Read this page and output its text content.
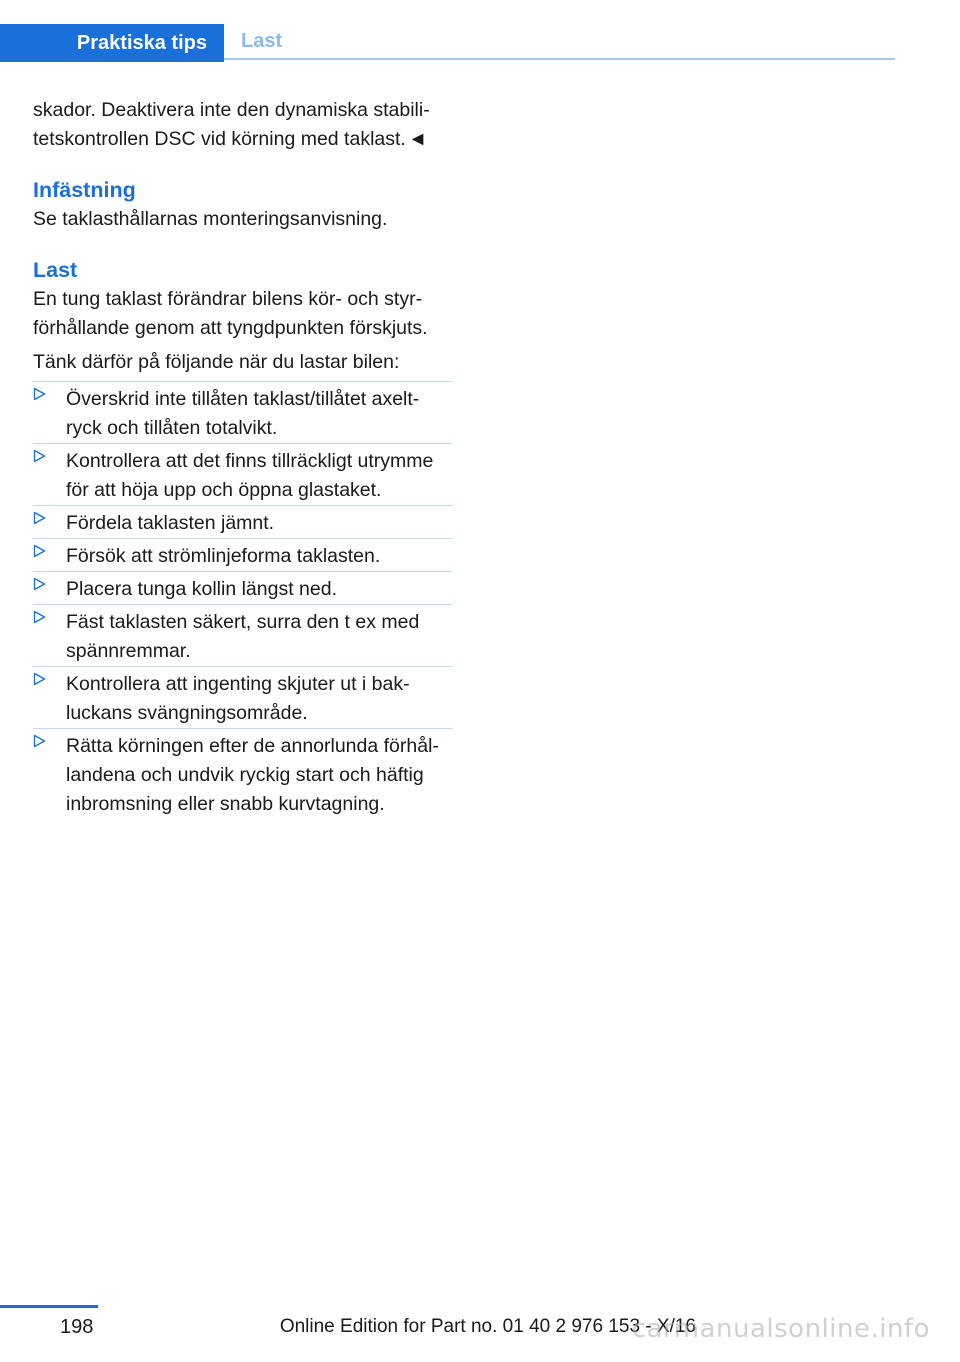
Praktiska tips Last

skador. Deaktivera inte den dynamiska stabili‐
tetskontrollen DSC vid körning med taklast. ◄

Infästning

Se taklasthållarnas monteringsanvisning.

Last

En tung taklast förändrar bilens kör- och styr‐
förhållande genom att tyngdpunkten förskjuts.

Tänk därför på följande när du lastar bilen:

Överskrid inte tillåten taklast/tillåtet axelt‐
ryck och tillåten totalvikt.
Kontrollera att det finns tillräckligt utrymme
för att höja upp och öppna glastaket.
Fördela taklasten jämnt.
Försök att strömlinjeforma taklasten.
Placera tunga kollin längst ned.
Fäst taklasten säkert, surra den t ex med
spännremmar.
Kontrollera att ingenting skjuter ut i bak‐
luckans svängningsområde.
Rätta körningen efter de annorlunda förhål‐
landena och undvik ryckig start och häftig
inbromsning eller snabb kurvtagning.
198	Online Edition for Part no. 01 40 2 976 153 - X/16
carmanualsonline.info
